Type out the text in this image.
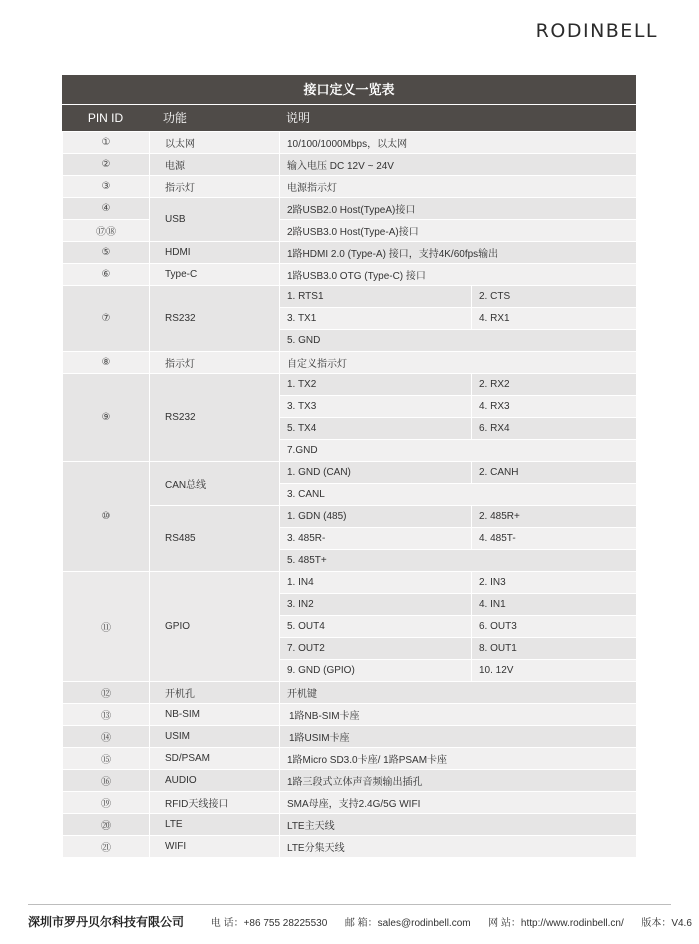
RODINBELL
接口定义一览表
PIN ID	功能	说明
①	以太网	10/100/1000Mbps，以太网	
②	电源	输入电压 DC 12V ~ 24V	
③	指示灯	电源指示灯	
④	USB	2路USB2.0 Host(TypeA)接口	
⑰⑱		2路USB3.0 Host(Type-A)接口	
⑤	HDMI	1路HDMI 2.0 (Type-A) 接口，支持4K/60fps输出	
⑥	Type-C	1路USB3.0 OTG (Type-C) 接口	
⑦	RS232	1. RTS1	2. CTS
		3. TX1	4. RX1
		5. GND	
⑧	指示灯	自定义指示灯	
⑨	RS232	1. TX2	2. RX2
		3. TX3	4. RX3
		5. TX4	6. RX4
		7.GND	
⑩	CAN总线	1. GND (CAN)	2. CANH
		3. CANL	
	RS485	1. GDN (485)	2. 485R+
		3. 485R-	4. 485T-
		5. 485T+	
⑪	GPIO	1. IN4	2. IN3
		3. IN2	4. IN1
		5. OUT4	6. OUT3
		7. OUT2	8. OUT1
		9. GND (GPIO)	10. 12V
⑫	开机孔	开机键	
⑬	NB-SIM	1路NB-SIM卡座	
⑭	USIM	1路USIM卡座	
⑮	SD/PSAM	1路Micro SD3.0卡座/ 1路PSAM卡座	
⑯	AUDIO	1路三段式立体声音频输出插孔	
⑲	RFID天线接口	SMA母座，支持2.4G/5G WIFI	
⑳	LTE	LTE主天线	
㉑	WIFI	LTE分集天线	
深圳市罗丹贝尔科技有限公司	电 话：+86 755 28225530 邮 箱：sales@rodinbell.com 网 站：http://www.rodinbell.cn/ 版本：V4.6
